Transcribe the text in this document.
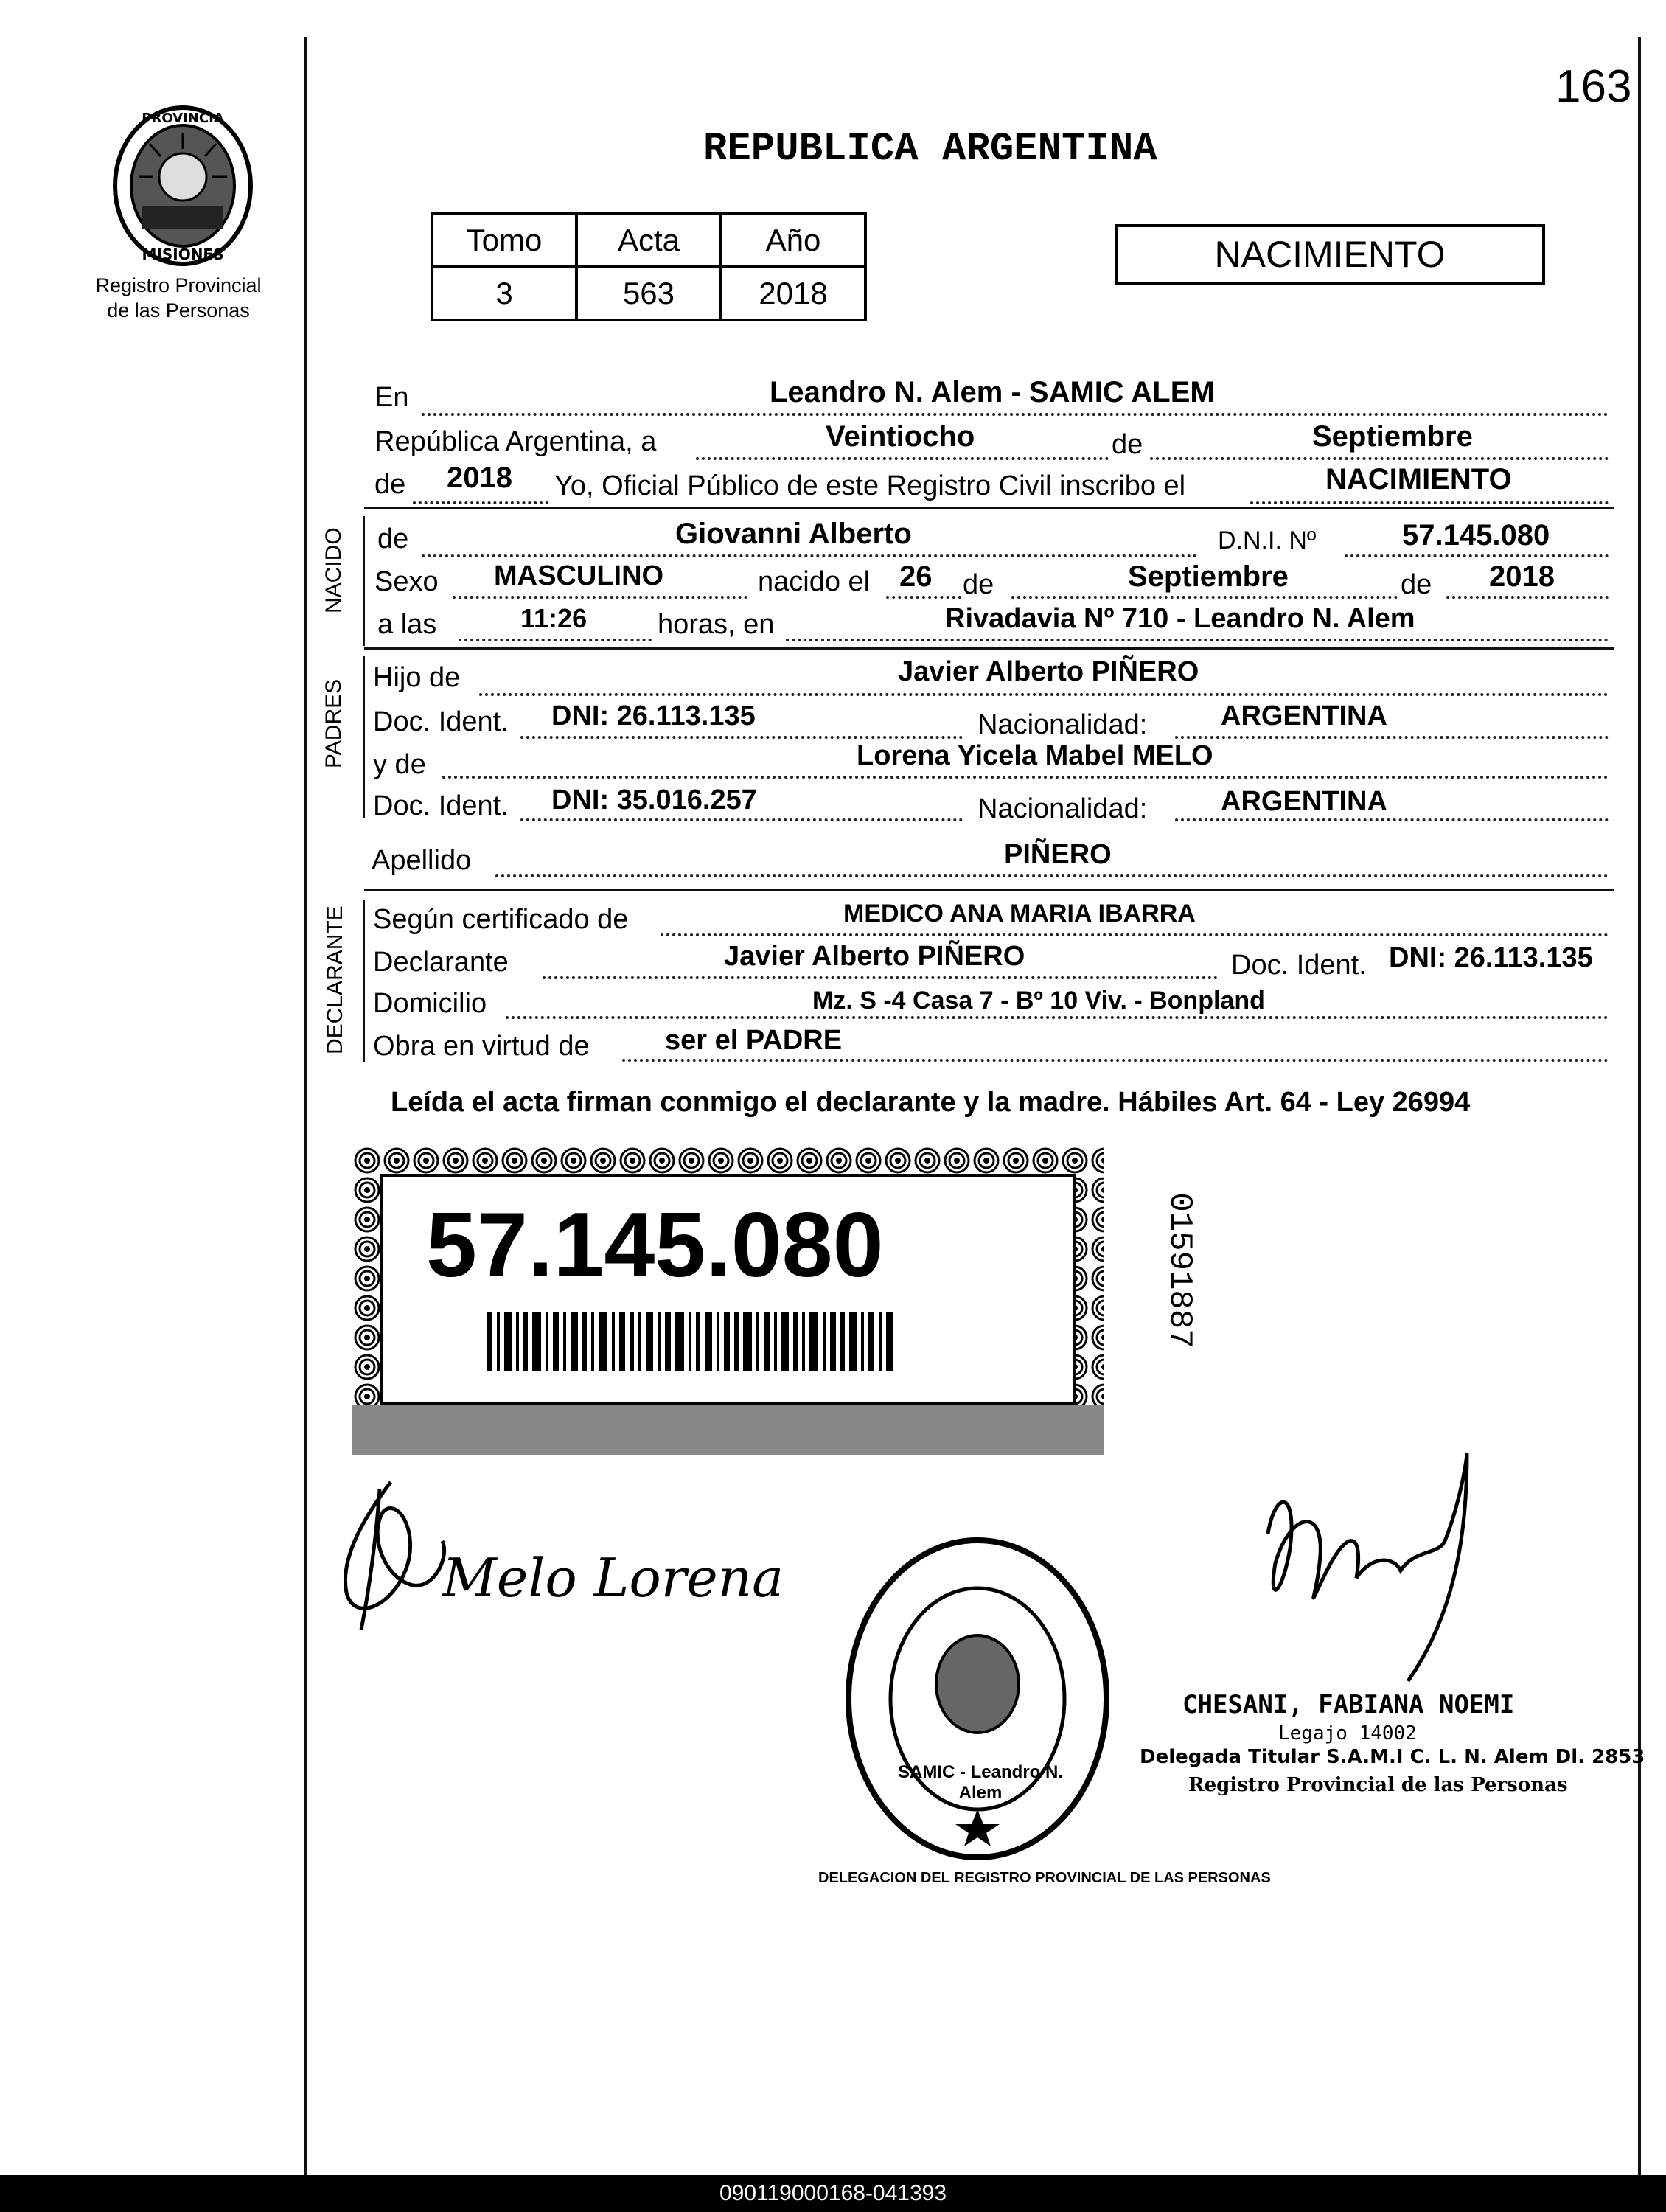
163
PROVINCIA
MISIONES
Registro Provincial
de las Personas
REPUBLICA ARGENTINA
Tomo	Acta	Año
3	563	2018
NACIMIENTO
En	Leandro N. Alem - SAMIC ALEM
República Argentina, a	Veintiocho	de	Septiembre
de 2018 Yo, Oficial Público de este Registro Civil inscribo el	NACIMIENTO
NACIDO de	Giovanni Alberto	D.N.I. Nº	57.145.080
Sexo MASCULINO	nacido el 26 de	Septiembre	de 2018
a las	11:26	horas, en	Rivadavia Nº 710 - Leandro N. Alem
PADRES
Hijo de	Javier Alberto PIÑERO
Doc. Ident. DNI: 26.113.135	Nacionalidad:	ARGENTINA
y de	Lorena Yicela Mabel MELO
Doc. Ident. DNI: 35.016.257	Nacionalidad:	ARGENTINA
Apellido	PIÑERO
DECLARANTE Según certificado de	MEDICO ANA MARIA IBARRA
Declarante	Javier Alberto PIÑERO	Doc. Ident. DNI: 26.113.135
Domicilio	Mz. S -4 Casa 7 - Bº 10 Viv. - Bonpland
Obra en virtud de	ser el PADRE
Leída el acta firman conmigo el declarante y la madre. Hábiles Art. 64 - Ley 26994
57.145.080	01591887
Melo Lorena
DELEGACION DEL REGISTRO PROVINCIAL DE LAS PERSONAS
SAMIC - Leandro N. Alem
CHESANI, FABIANA NOEMI
Legajo 14002
Delegada Titular S.A.M.I C. L. N. Alem Dl. 2853
Registro Provincial de las Personas
090119000168-041393
